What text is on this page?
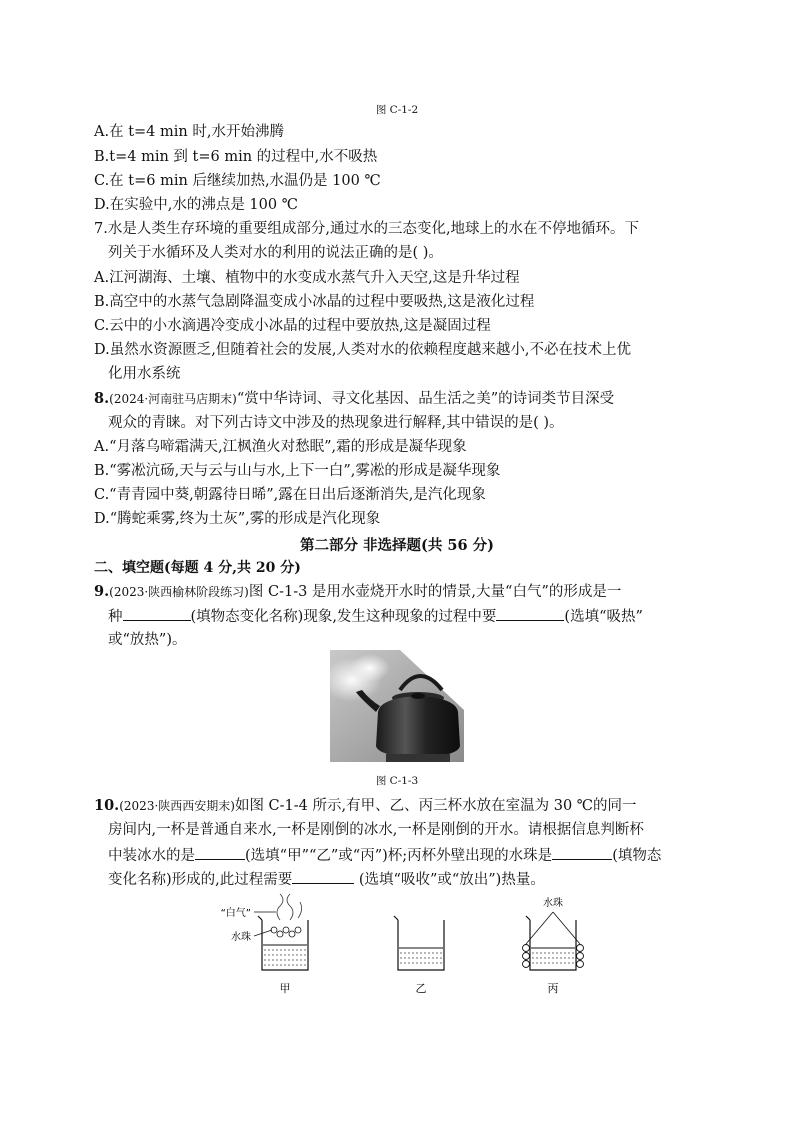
图 C-1-2
A.在 t=4 min 时,水开始沸腾
B.t=4 min 到 t=6 min 的过程中,水不吸热
C.在 t=6 min 后继续加热,水温仍是 100 ℃
D.在实验中,水的沸点是 100 ℃
7.水是人类生存环境的重要组成部分,通过水的三态变化,地球上的水在不停地循环。下
列关于水循环及人类对水的利用的说法正确的是( )。
A.江河湖海、土壤、植物中的水变成水蒸气升入天空,这是升华过程
B.高空中的水蒸气急剧降温变成小冰晶的过程中要吸热,这是液化过程
C.云中的小水滴遇冷变成小冰晶的过程中要放热,这是凝固过程
D.虽然水资源匮乏,但随着社会的发展,人类对水的依赖程度越来越小,不必在技术上优
化用水系统
8.(2024·河南驻马店期末)“赏中华诗词、寻文化基因、品生活之美”的诗词类节目深受
观众的青睐。对下列古诗文中涉及的热现象进行解释,其中错误的是( )。
A.“月落乌啼霜满天,江枫渔火对愁眠”,霜的形成是凝华现象
B.“雾凇沆砀,天与云与山与水,上下一白”,雾凇的形成是凝华现象
C.“青青园中葵,朝露待日晞”,露在日出后逐渐消失,是汽化现象
D.“腾蛇乘雾,终为土灰”,雾的形成是汽化现象
第二部分 非选择题(共 56 分)
二、填空题(每题 4 分,共 20 分)
9.(2023·陕西榆林阶段练习)图 C-1-3 是用水壶烧开水时的情景,大量“白气”的形成是一
种	(填物态变化名称)现象,发生这种现象的过程中要	(选填“吸热”
或“放热”)。
图 C-1-3
10.(2023·陕西西安期末)如图 C-1-4 所示,有甲、乙、丙三杯水放在室温为 30 ℃的同一
房间内,一杯是普通自来水,一杯是刚倒的冰水,一杯是刚倒的开水。请根据信息判断杯
中装冰水的是	(选填“甲”“乙”或“丙”)杯;丙杯外壁出现的水珠是	(填物态
变化名称)形成的,此过程需要	(选填“吸收”或“放出”)热量。
“白气”
水珠
甲	乙
水珠
丙
